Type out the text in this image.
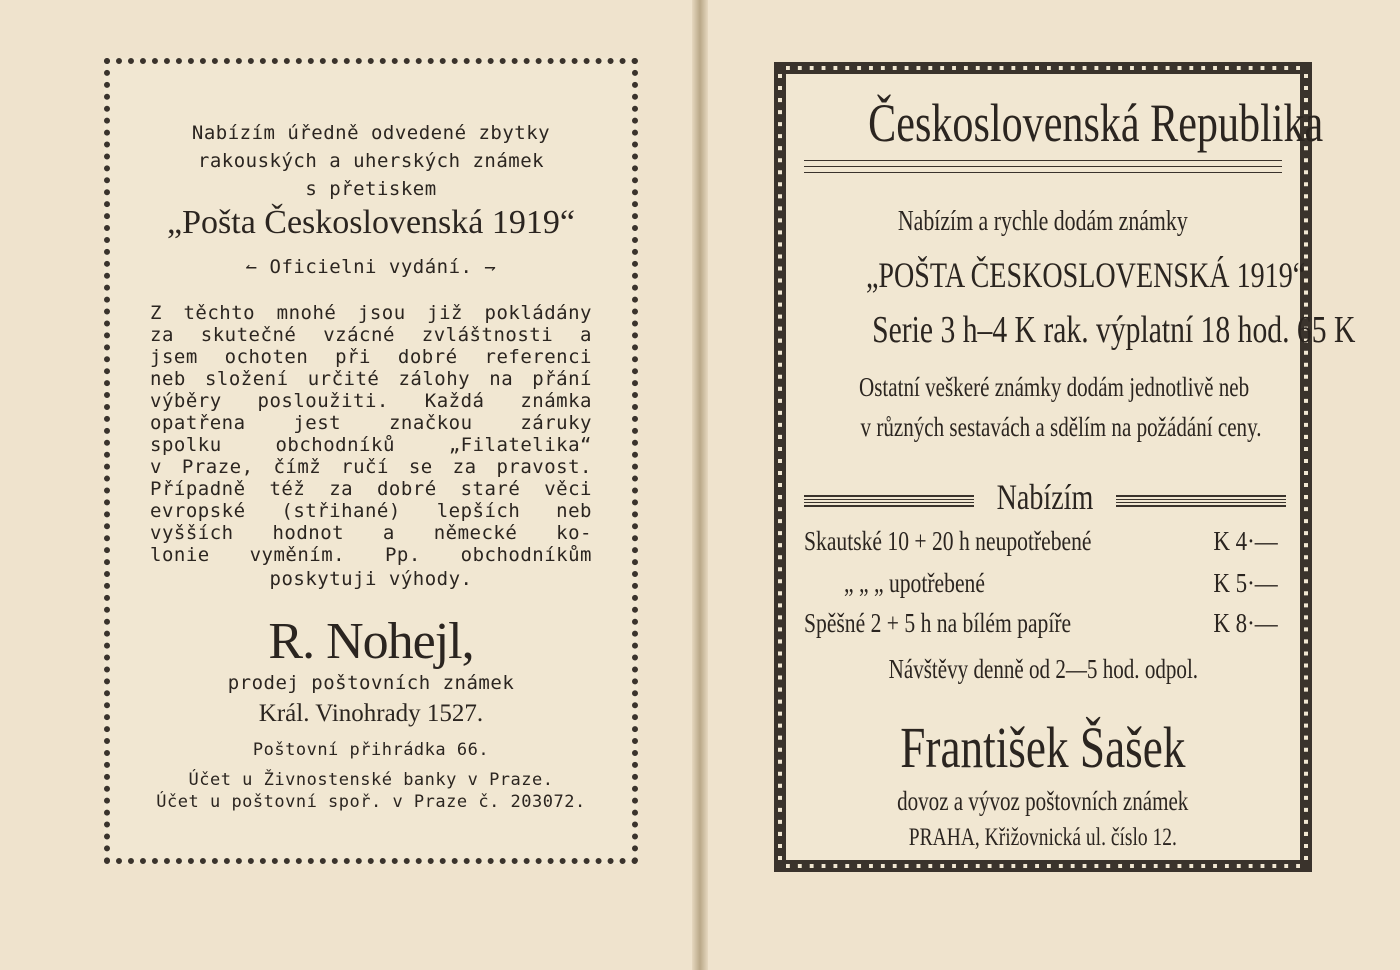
Nabízím úředně odvedené zbytky
rakouských a uherských známek
s přetiskem
„Pošta Československá 1919“
↼ Oficielni vydání. ⇁
Z těchto mnohé jsou již pokládány
za skutečné vzácné zvláštnosti a
jsem ochoten při dobré referenci
neb složení určité zálohy na přání
výběry posloužiti. Každá známka
opatřena jest značkou záruky
spolku obchodníků „Filatelika“
v Praze, čímž ručí se za pravost.
Případně též za dobré staré věci
evropské (střihané) lepších neb
vyšších hodnot a německé ko-
lonie vyměním. Pp. obchodníkům
poskytuji výhody.
R. Nohejl,
prodej poštovních známek
Král. Vinohrady 1527.
Poštovní přihrádka 66.
Účet u Živnostenské banky v Praze.
Účet u poštovní spoř. v Praze č. 203072.
Československá Republika
Nabízím a rychle dodám známky
„POŠTA ČESKOSLOVENSKÁ 1919“
Serie 3 h–4 K rak. výplatní 18 hod. 65 K
Ostatní veškeré známky dodám jednotlivě neb
v různých sestavách a sdělím na požádání ceny.
Nabízím
Skautské 10 + 20 h neupotřebené	K 4·—
„ „ „ upotřebené	K 5·—
Spěšné 2 + 5 h na bílém papíře	K 8·—
Návštěvy denně od 2—5 hod. odpol.
František Šašek
dovoz a vývoz poštovních známek
PRAHA, Křižovnická ul. číslo 12.
